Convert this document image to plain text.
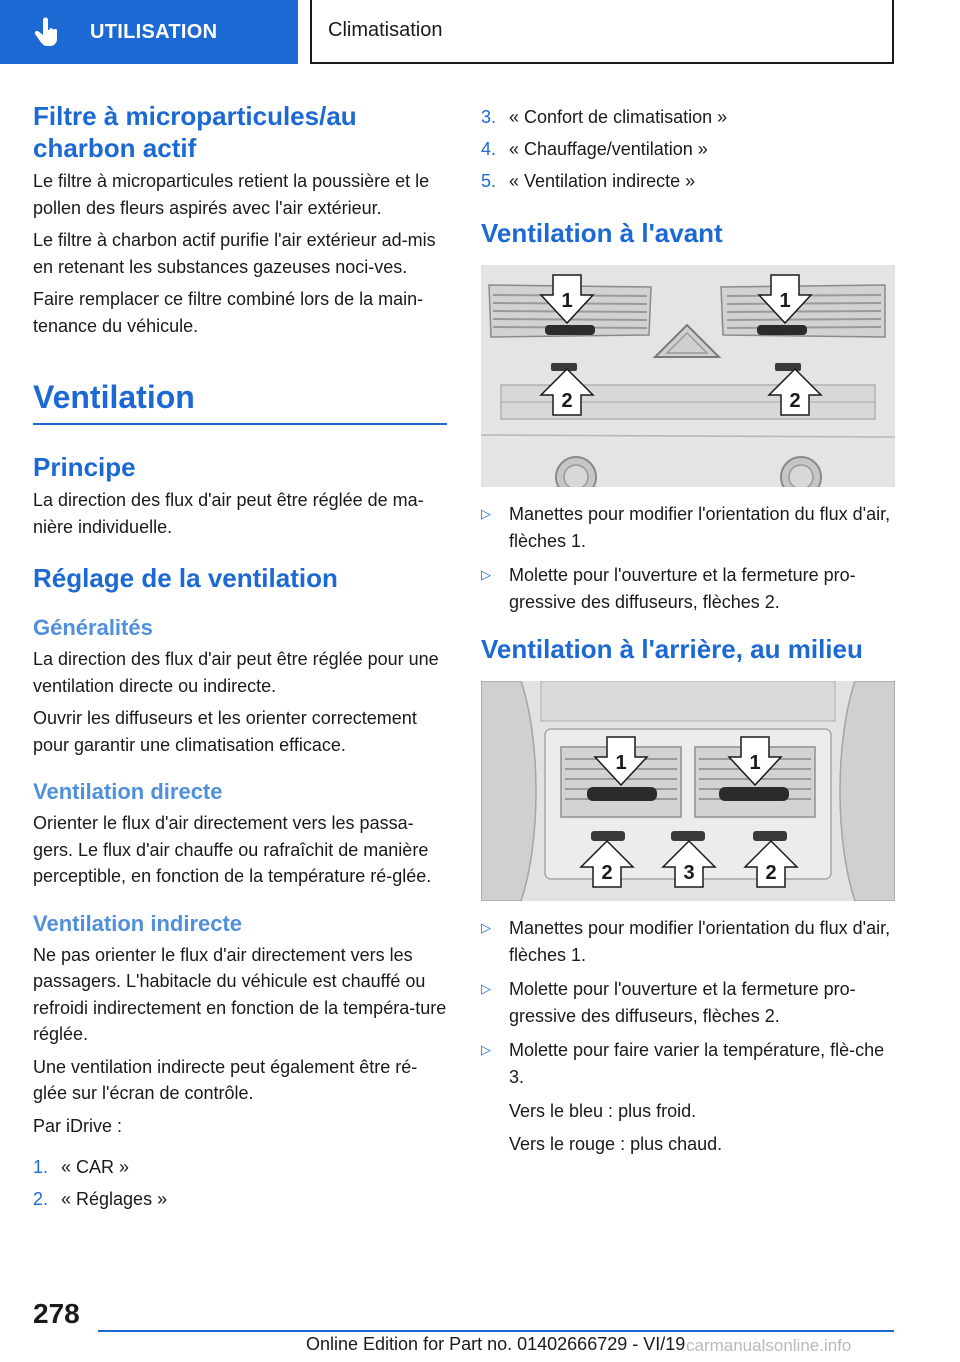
UTILISATION	Climatisation
Filtre à microparticules/au charbon actif

Le filtre à microparticules retient la poussière et le pollen des fleurs aspirés avec l'air extérieur.

Le filtre à charbon actif purifie l'air extérieur ad-mis en retenant les substances gazeuses noci-ves.

Faire remplacer ce filtre combiné lors de la main-tenance du véhicule.

Ventilation
Principe

La direction des flux d'air peut être réglée de ma-nière individuelle.

Réglage de la ventilation
Généralités

La direction des flux d'air peut être réglée pour une ventilation directe ou indirecte.

Ouvrir les diffuseurs et les orienter correctement pour garantir une climatisation efficace.

Ventilation directe

Orienter le flux d'air directement vers les passa-gers. Le flux d'air chauffe ou rafraîchit de manière perceptible, en fonction de la température ré-glée.

Ventilation indirecte

Ne pas orienter le flux d'air directement vers les passagers. L'habitacle du véhicule est chauffé ou refroidi indirectement en fonction de la tempéra-ture réglée.

Une ventilation indirecte peut également être ré-glée sur l'écran de contrôle.

Par iDrive :

1. « CAR »
2. « Réglages »
3. « Confort de climatisation »
4. « Chauffage/ventilation »
5. « Ventilation indirecte »
Ventilation à l'avant
1	1
2	2
▷	Manettes pour modifier l'orientation du flux d'air, flèches 1.
▷	Molette pour l'ouverture et la fermeture pro-gressive des diffuseurs, flèches 2.
Ventilation à l'arrière, au milieu
1	1
2	3	2
▷	Manettes pour modifier l'orientation du flux d'air, flèches 1.
▷	Molette pour l'ouverture et la fermeture pro-gressive des diffuseurs, flèches 2.
▷	Molette pour faire varier la température, flè-che 3.

Vers le bleu : plus froid.

Vers le rouge : plus chaud.

278
Online Edition for Part no. 01402666729 - VI/19 carmanualsonline.info
